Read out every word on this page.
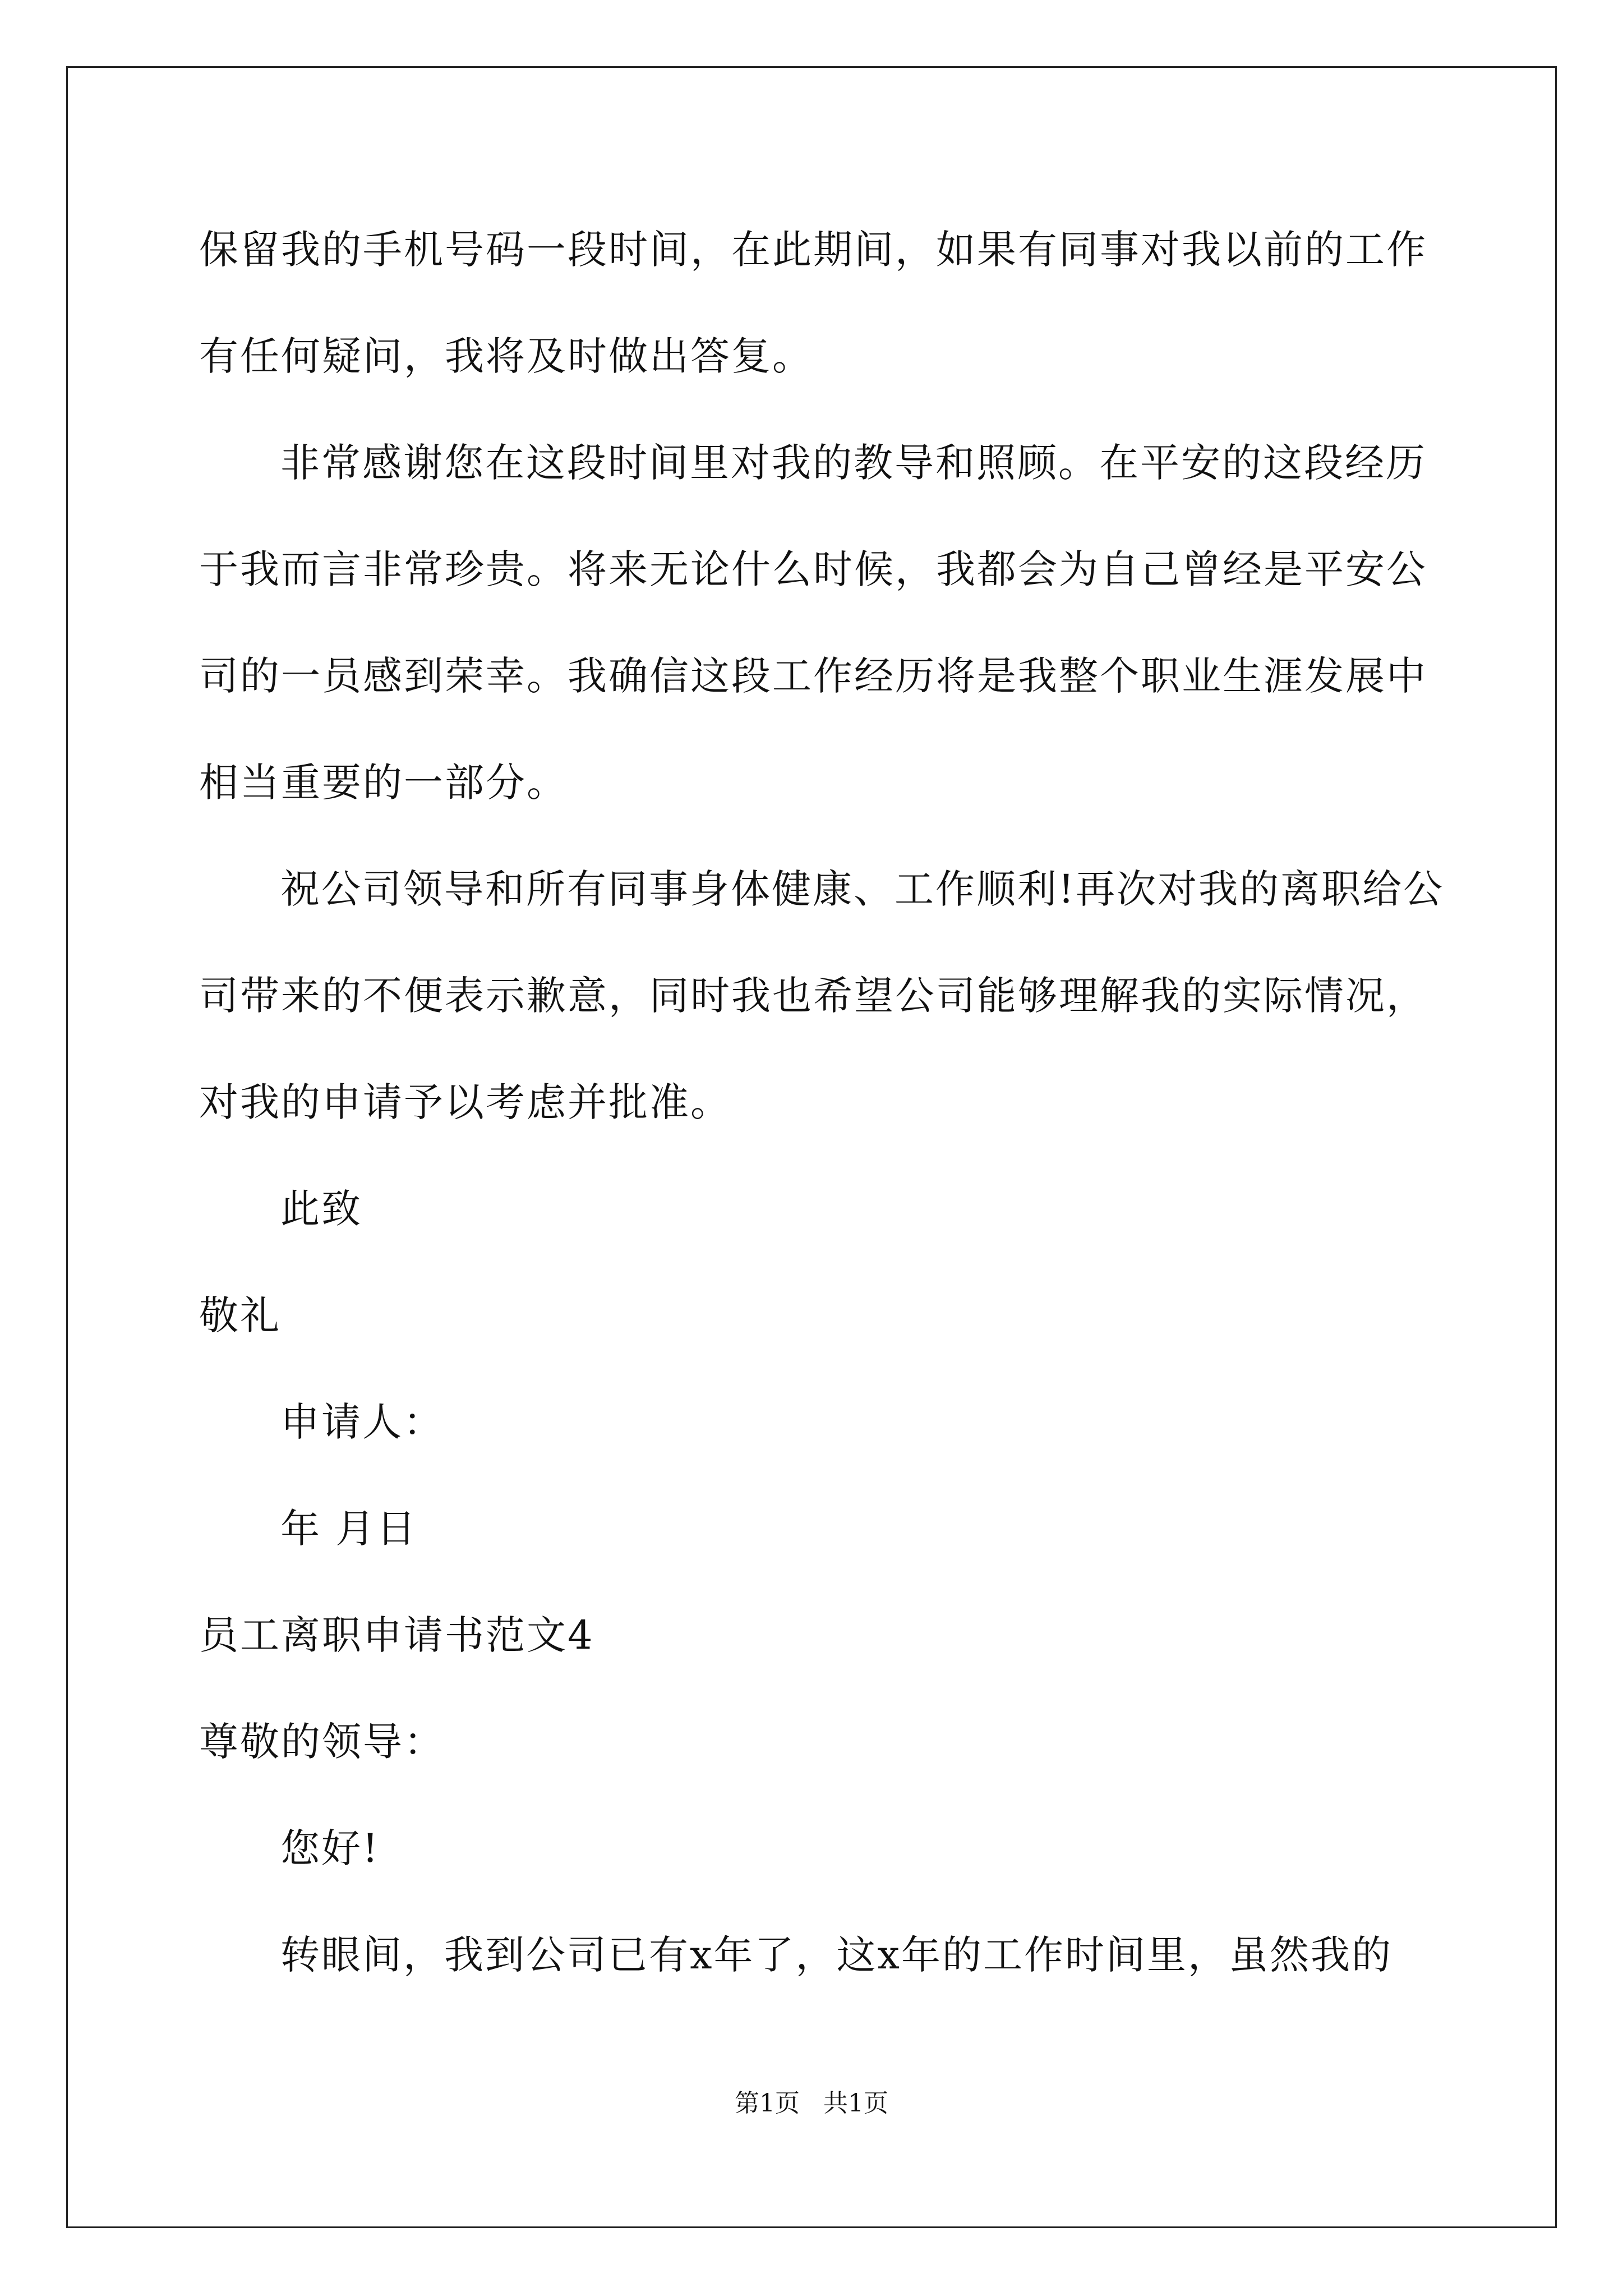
保留我的手机号码一段时间，在此期间，如果有同事对我以前的工作
有任何疑问，我将及时做出答复。
非常感谢您在这段时间里对我的教导和照顾。在平安的这段经历
于我而言非常珍贵。将来无论什么时候，我都会为自己曾经是平安公
司的一员感到荣幸。我确信这段工作经历将是我整个职业生涯发展中
相当重要的一部分。
祝公司领导和所有同事身体健康、工作顺利!再次对我的离职给公
司带来的不便表示歉意，同时我也希望公司能够理解我的实际情况，
对我的申请予以考虑并批准。
此致
敬礼
申请人：
年 月日
员工离职申请书范文4
尊敬的领导：
您好!
转眼间，我到公司已有x年了，这x年的工作时间里，虽然我的
第1页   共1页
